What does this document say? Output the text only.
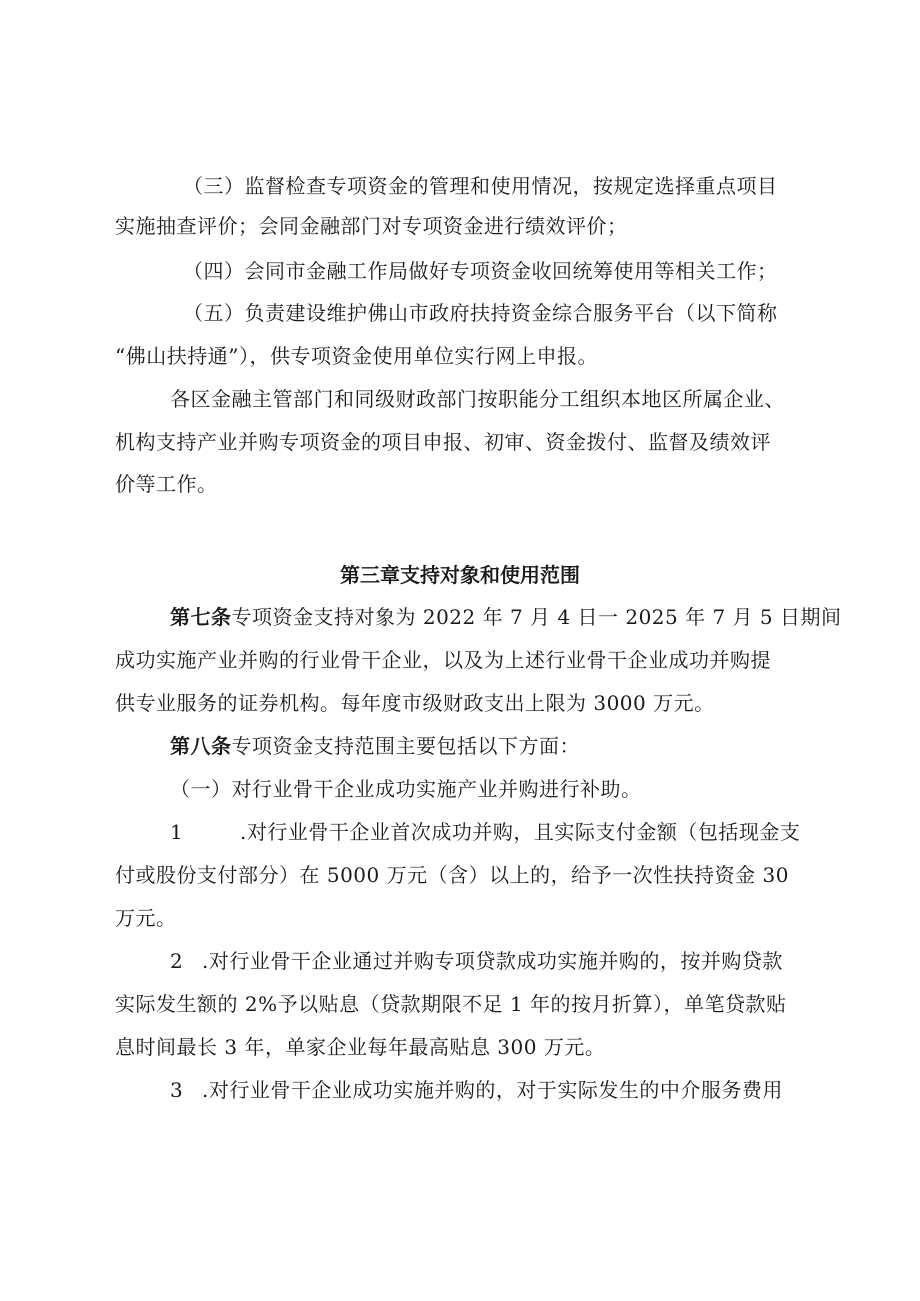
（三）监督检查专项资金的管理和使用情况，按规定选择重点项目
实施抽查评价；会同金融部门对专项资金进行绩效评价；
（四）会同市金融工作局做好专项资金收回统筹使用等相关工作；
（五）负责建设维护佛山市政府扶持资金综合服务平台（以下简称
“佛山扶持通”），供专项资金使用单位实行网上申报。
各区金融主管部门和同级财政部门按职能分工组织本地区所属企业、
机构支持产业并购专项资金的项目申报、初审、资金拨付、监督及绩效评
价等工作。
第三章支持对象和使用范围
第七条专项资金支持对象为 2022 年 7 月 4 日一 2025 年 7 月 5 日期间
成功实施产业并购的行业骨干企业，以及为上述行业骨干企业成功并购提
供专业服务的证券机构。每年度市级财政支出上限为 3000 万元。
第八条专项资金支持范围主要包括以下方面：
（一）对行业骨干企业成功实施产业并购进行补助。
1	.对行业骨干企业首次成功并购，且实际支付金额（包括现金支
付或股份支付部分）在 5000 万元（含）以上的，给予一次性扶持资金 30
万元。
2 .对行业骨干企业通过并购专项贷款成功实施并购的，按并购贷款
实际发生额的 2%予以贴息（贷款期限不足 1 年的按月折算），单笔贷款贴
息时间最长 3 年，单家企业每年最高贴息 300 万元。
3 .对行业骨干企业成功实施并购的，对于实际发生的中介服务费用
